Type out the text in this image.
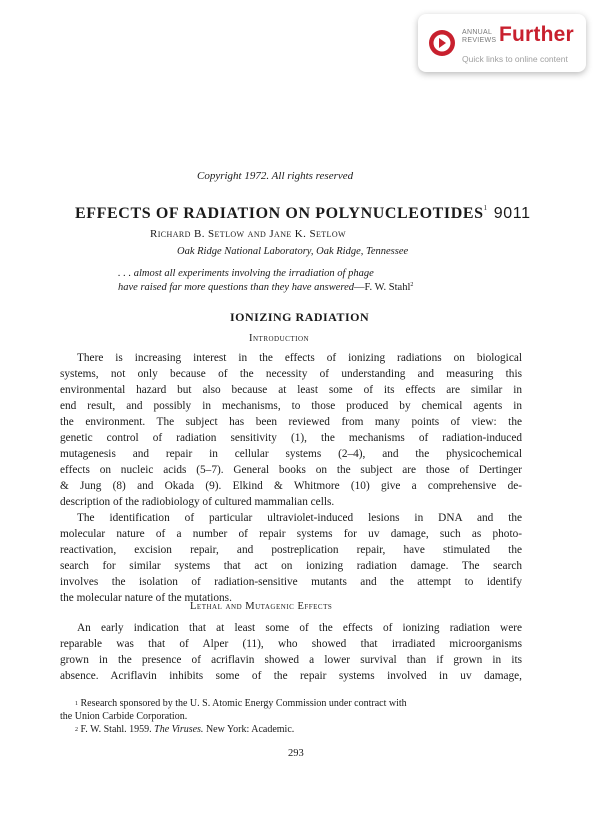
ANNUAL
REVIEWS Further
Quick links to online content
Copyright 1972. All rights reserved
EFFECTS OF RADIATION ON POLYNUCLEOTIDES$^1$ 9011
Richard B. Setlow and Jane K. Setlow
Oak Ridge National Laboratory, Oak Ridge, Tennessee
. . . almost all experiments involving the irradiation of phage
have raised far more questions than they have answered—F. W. Stahl$^2$
IONIZING RADIATION
Introduction
There is increasing interest in the effects of ionizing radiations on biological
systems, not only because of the necessity of understanding and measuring this
environmental hazard but also because at least some of its effects are similar in
end result, and possibly in mechanisms, to those produced by chemical agents in
the environment. The subject has been reviewed from many points of view: the
genetic control of radiation sensitivity (1), the mechanisms of radiation-induced
mutagenesis and repair in cellular systems (2–4), and the physicochemical
effects on nucleic acids (5–7). General books on the subject are those of Dertinger
& Jung (8) and Okada (9). Elkind & Whitmore (10) give a comprehensive de-
description of the radiobiology of cultured mammalian cells.
The identification of particular ultraviolet-induced lesions in DNA and the
molecular nature of a number of repair systems for uv damage, such as photo-
reactivation, excision repair, and postreplication repair, have stimulated the
search for similar systems that act on ionizing radiation damage. The search
involves the isolation of radiation-sensitive mutants and the attempt to identify
the molecular nature of the mutations.
Lethal and Mutagenic Effects
An early indication that at least some of the effects of ionizing radiation were
reparable was that of Alper (11), who showed that irradiated microorganisms
grown in the presence of acriflavin showed a lower survival than if grown in its
absence. Acriflavin inhibits some of the repair systems involved in uv damage,
$^1$ Research sponsored by the U. S. Atomic Energy Commission under contract with
the Union Carbide Corporation.
$^2$ F. W. Stahl. 1959. The Viruses. New York: Academic.
293
